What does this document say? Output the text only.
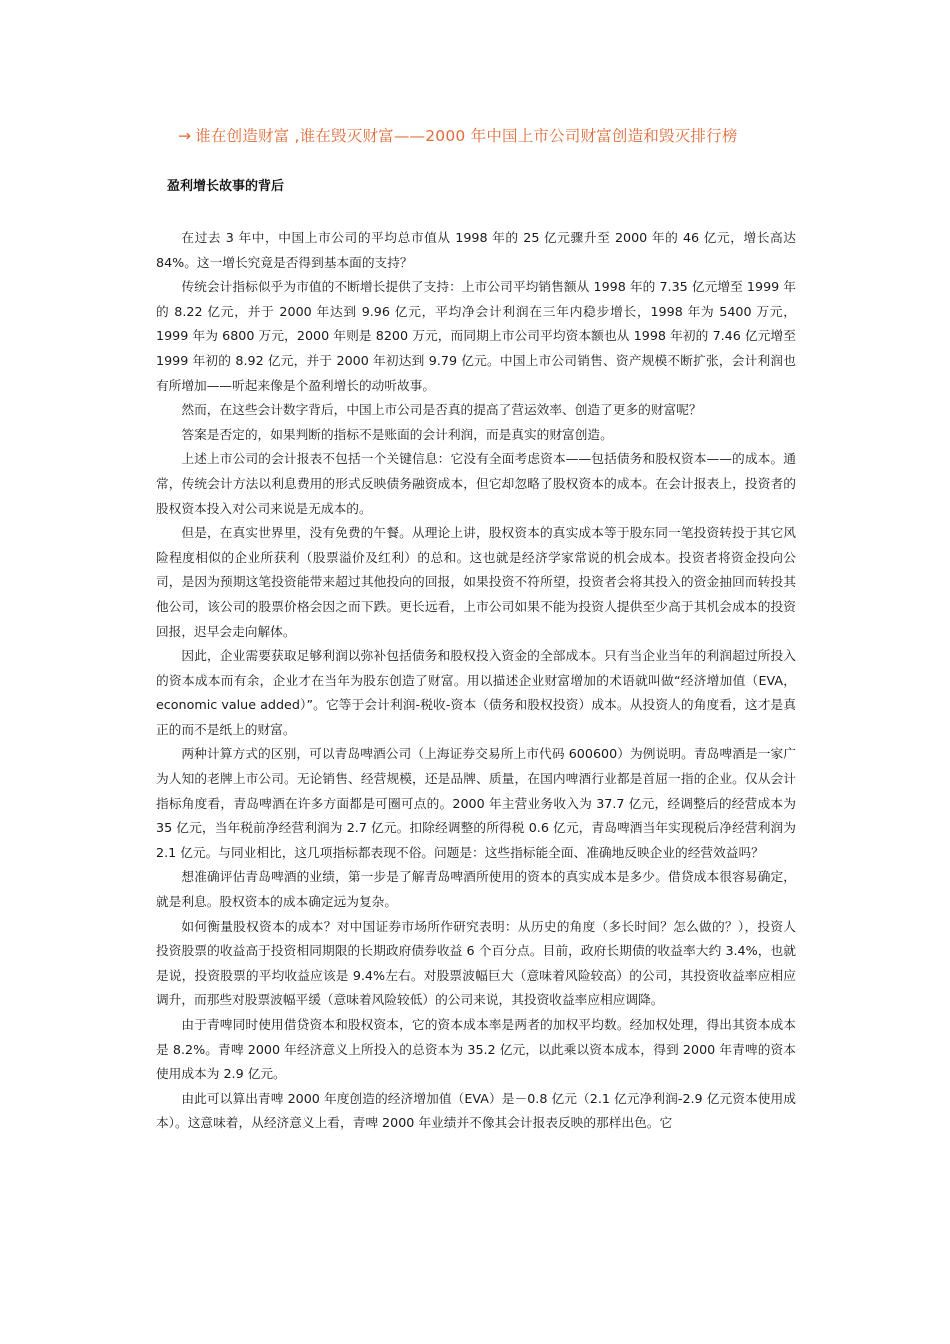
→ 谁在创造财富 ,谁在毁灭财富——2000 年中国上市公司财富创造和毁灭排行榜
盈利增长故事的背后

在过去 3 年中，中国上市公司的平均总市值从 1998 年的 25 亿元骤升至 2000 年的 46 亿元，增长高达 84%。这一增长究竟是否得到基本面的支持？

传统会计指标似乎为市值的不断增长提供了支持：上市公司平均销售额从 1998 年的 7.35 亿元增至 1999 年的 8.22 亿元，并于 2000 年达到 9.96 亿元，平均净会计利润在三年内稳步增长，1998 年为 5400 万元，1999 年为 6800 万元，2000 年则是 8200 万元，而同期上市公司平均资本额也从 1998 年初的 7.46 亿元增至 1999 年初的 8.92 亿元，并于 2000 年初达到 9.79 亿元。中国上市公司销售、资产规模不断扩张，会计利润也有所增加——听起来像是个盈利增长的动听故事。

然而，在这些会计数字背后，中国上市公司是否真的提高了营运效率、创造了更多的财富呢？

答案是否定的，如果判断的指标不是账面的会计利润，而是真实的财富创造。

上述上市公司的会计报表不包括一个关键信息：它没有全面考虑资本——包括债务和股权资本——的成本。通常，传统会计方法以利息费用的形式反映债务融资成本，但它却忽略了股权资本的成本。在会计报表上，投资者的股权资本投入对公司来说是无成本的。

但是，在真实世界里，没有免费的午餐。从理论上讲，股权资本的真实成本等于股东同一笔投资转投于其它风险程度相似的企业所获利（股票溢价及红利）的总和。这也就是经济学家常说的机会成本。投资者将资金投向公司，是因为预期这笔投资能带来超过其他投向的回报，如果投资不符所望，投资者会将其投入的资金抽回而转投其他公司，该公司的股票价格会因之而下跌。更长远看，上市公司如果不能为投资人提供至少高于其机会成本的投资回报，迟早会走向解体。

因此，企业需要获取足够利润以弥补包括债务和股权投入资金的全部成本。只有当企业当年的利润超过所投入的资本成本而有余，企业才在当年为股东创造了财富。用以描述企业财富增加的术语就叫做“经济增加值（EVA，economic value added）”。它等于会计利润-税收-资本（债务和股权投资）成本。从投资人的角度看，这才是真正的而不是纸上的财富。

两种计算方式的区别，可以青岛啤酒公司（上海证券交易所上市代码 600600）为例说明。青岛啤酒是一家广为人知的老牌上市公司。无论销售、经营规模，还是品牌、质量，在国内啤酒行业都是首屈一指的企业。仅从会计指标角度看，青岛啤酒在许多方面都是可圈可点的。2000 年主营业务收入为 37.7 亿元，经调整后的经营成本为 35 亿元，当年税前净经营利润为 2.7 亿元。扣除经调整的所得税 0.6 亿元，青岛啤酒当年实现税后净经营利润为 2.1 亿元。与同业相比，这几项指标都表现不俗。问题是：这些指标能全面、准确地反映企业的经营效益吗？

想准确评估青岛啤酒的业绩，第一步是了解青岛啤酒所使用的资本的真实成本是多少。借贷成本很容易确定，就是利息。股权资本的成本确定远为复杂。

如何衡量股权资本的成本？对中国证券市场所作研究表明：从历史的角度（多长时间？怎么做的？），投资人投资股票的收益高于投资相同期限的长期政府债券收益 6 个百分点。目前，政府长期债的收益率大约 3.4%，也就是说，投资股票的平均收益应该是 9.4%左右。对股票波幅巨大（意味着风险较高）的公司，其投资收益率应相应调升，而那些对股票波幅平缓（意味着风险较低）的公司来说，其投资收益率应相应调降。

由于青啤同时使用借贷资本和股权资本，它的资本成本率是两者的加权平均数。经加权处理，得出其资本成本是 8.2%。青啤 2000 年经济意义上所投入的总资本为 35.2 亿元，以此乘以资本成本，得到 2000 年青啤的资本使用成本为 2.9 亿元。

由此可以算出青啤 2000 年度创造的经济增加值（EVA）是－0.8 亿元（2.1 亿元净利润-2.9 亿元资本使用成本）。这意味着，从经济意义上看，青啤 2000 年业绩并不像其会计报表反映的那样出色。它
